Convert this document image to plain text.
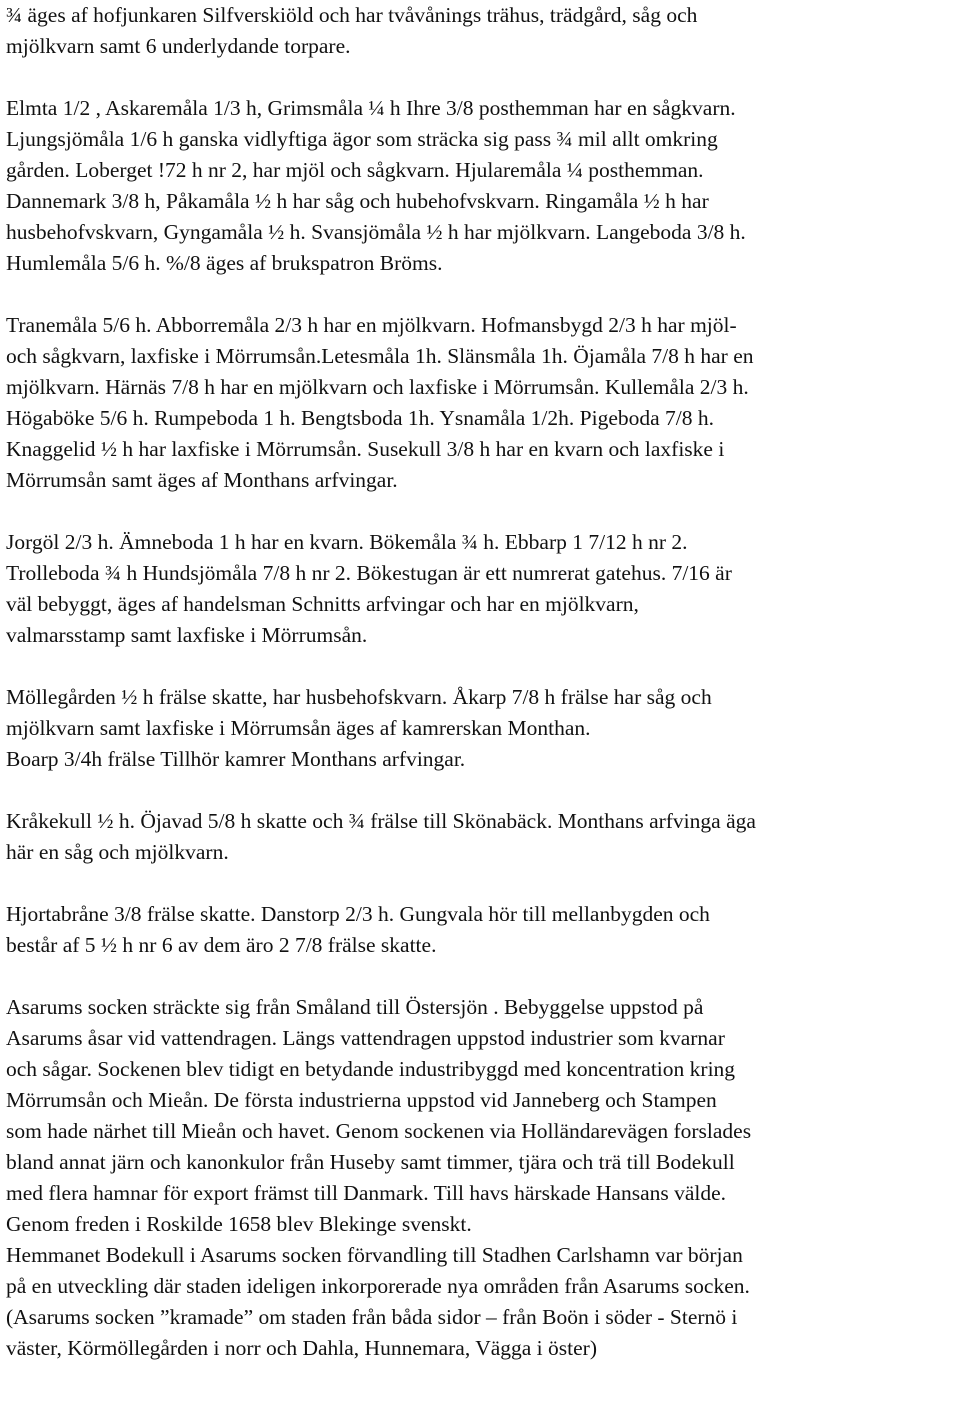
¾ äges af hofjunkaren Silfverskiöld och har tvåvånings trähus, trädgård, såg och
mjölkvarn samt 6 underlydande torpare.
Elmta 1/2 , Askaremåla 1/3 h, Grimsmåla ¼ h Ihre 3/8 posthemman har en sågkvarn.
Ljungsjömåla 1/6 h ganska vidlyftiga ägor som sträcka sig pass ¾ mil allt omkring
gården. Loberget !72 h nr 2, har mjöl och sågkvarn. Hjularemåla ¼ posthemman.
Dannemark 3/8 h, Påkamåla ½ h har såg och hubehofvskvarn. Ringamåla ½ h har
husbehofvskvarn, Gyngamåla ½ h. Svansjömåla ½ h har mjölkvarn. Langeboda 3/8 h.
Humlemåla 5/6 h. %/8 äges af brukspatron Bröms.
Tranemåla 5/6 h. Abborremåla 2/3 h har en mjölkvarn. Hofmansbygd 2/3 h har mjöl-
och sågkvarn, laxfiske i Mörrumsån.Letesmåla 1h. Slänsmåla 1h. Öjamåla 7/8 h har en
mjölkvarn. Härnäs 7/8 h har en mjölkvarn och laxfiske i Mörrumsån. Kullemåla 2/3 h.
Högaböke 5/6 h. Rumpeboda 1 h. Bengtsboda 1h. Ysnamåla 1/2h. Pigeboda 7/8 h.
Knaggelid ½ h har laxfiske i Mörrumsån. Susekull 3/8 h har en kvarn och laxfiske i
Mörrumsån samt äges af Monthans arfvingar.
Jorgöl 2/3 h. Ämneboda 1 h har en kvarn. Bökemåla ¾ h. Ebbarp 1 7/12 h nr 2.
Trolleboda ¾ h Hundsjömåla 7/8 h nr 2. Bökestugan är ett numrerat gatehus. 7/16 är
väl bebyggt, äges af handelsman Schnitts arfvingar och har en mjölkvarn,
valmarsstamp samt laxfiske i Mörrumsån.
Möllegården ½ h frälse skatte, har husbehofskvarn. Åkarp 7/8 h frälse har såg och
mjölkvarn samt laxfiske i Mörrumsån äges af kamrerskan Monthan.
Boarp 3/4h frälse Tillhör kamrer Monthans arfvingar.
Kråkekull ½ h. Öjavad 5/8 h skatte och ¾ frälse till Skönabäck. Monthans arfvinga äga
här en såg och mjölkvarn.
Hjortabråne 3/8 frälse skatte. Danstorp 2/3 h. Gungvala hör till mellanbygden och
består af 5 ½ h nr 6 av dem äro 2 7/8 frälse skatte.
Asarums socken sträckte sig från Småland till Östersjön . Bebyggelse uppstod på
Asarums åsar vid vattendragen. Längs vattendragen uppstod industrier som kvarnar
och sågar. Sockenen blev tidigt en betydande industribyggd med koncentration kring
Mörrumsån och Mieån. De första industrierna uppstod vid Janneberg och Stampen
som hade närhet till Mieån och havet. Genom sockenen via Holländarevägen forslades
bland annat järn och kanonkulor från Huseby samt timmer, tjära och trä till Bodekull
med flera hamnar för export främst till Danmark. Till havs härskade Hansans välde.
Genom freden i Roskilde 1658 blev Blekinge svenskt.
Hemmanet Bodekull i Asarums socken förvandling till Stadhen Carlshamn var början
på en utveckling där staden ideligen inkorporerade nya områden från Asarums socken.
(Asarums socken ”kramade” om staden från båda sidor – från Boön i söder - Sternö i
väster, Körmöllegården i norr och Dahla, Hunnemara, Vägga i öster)
